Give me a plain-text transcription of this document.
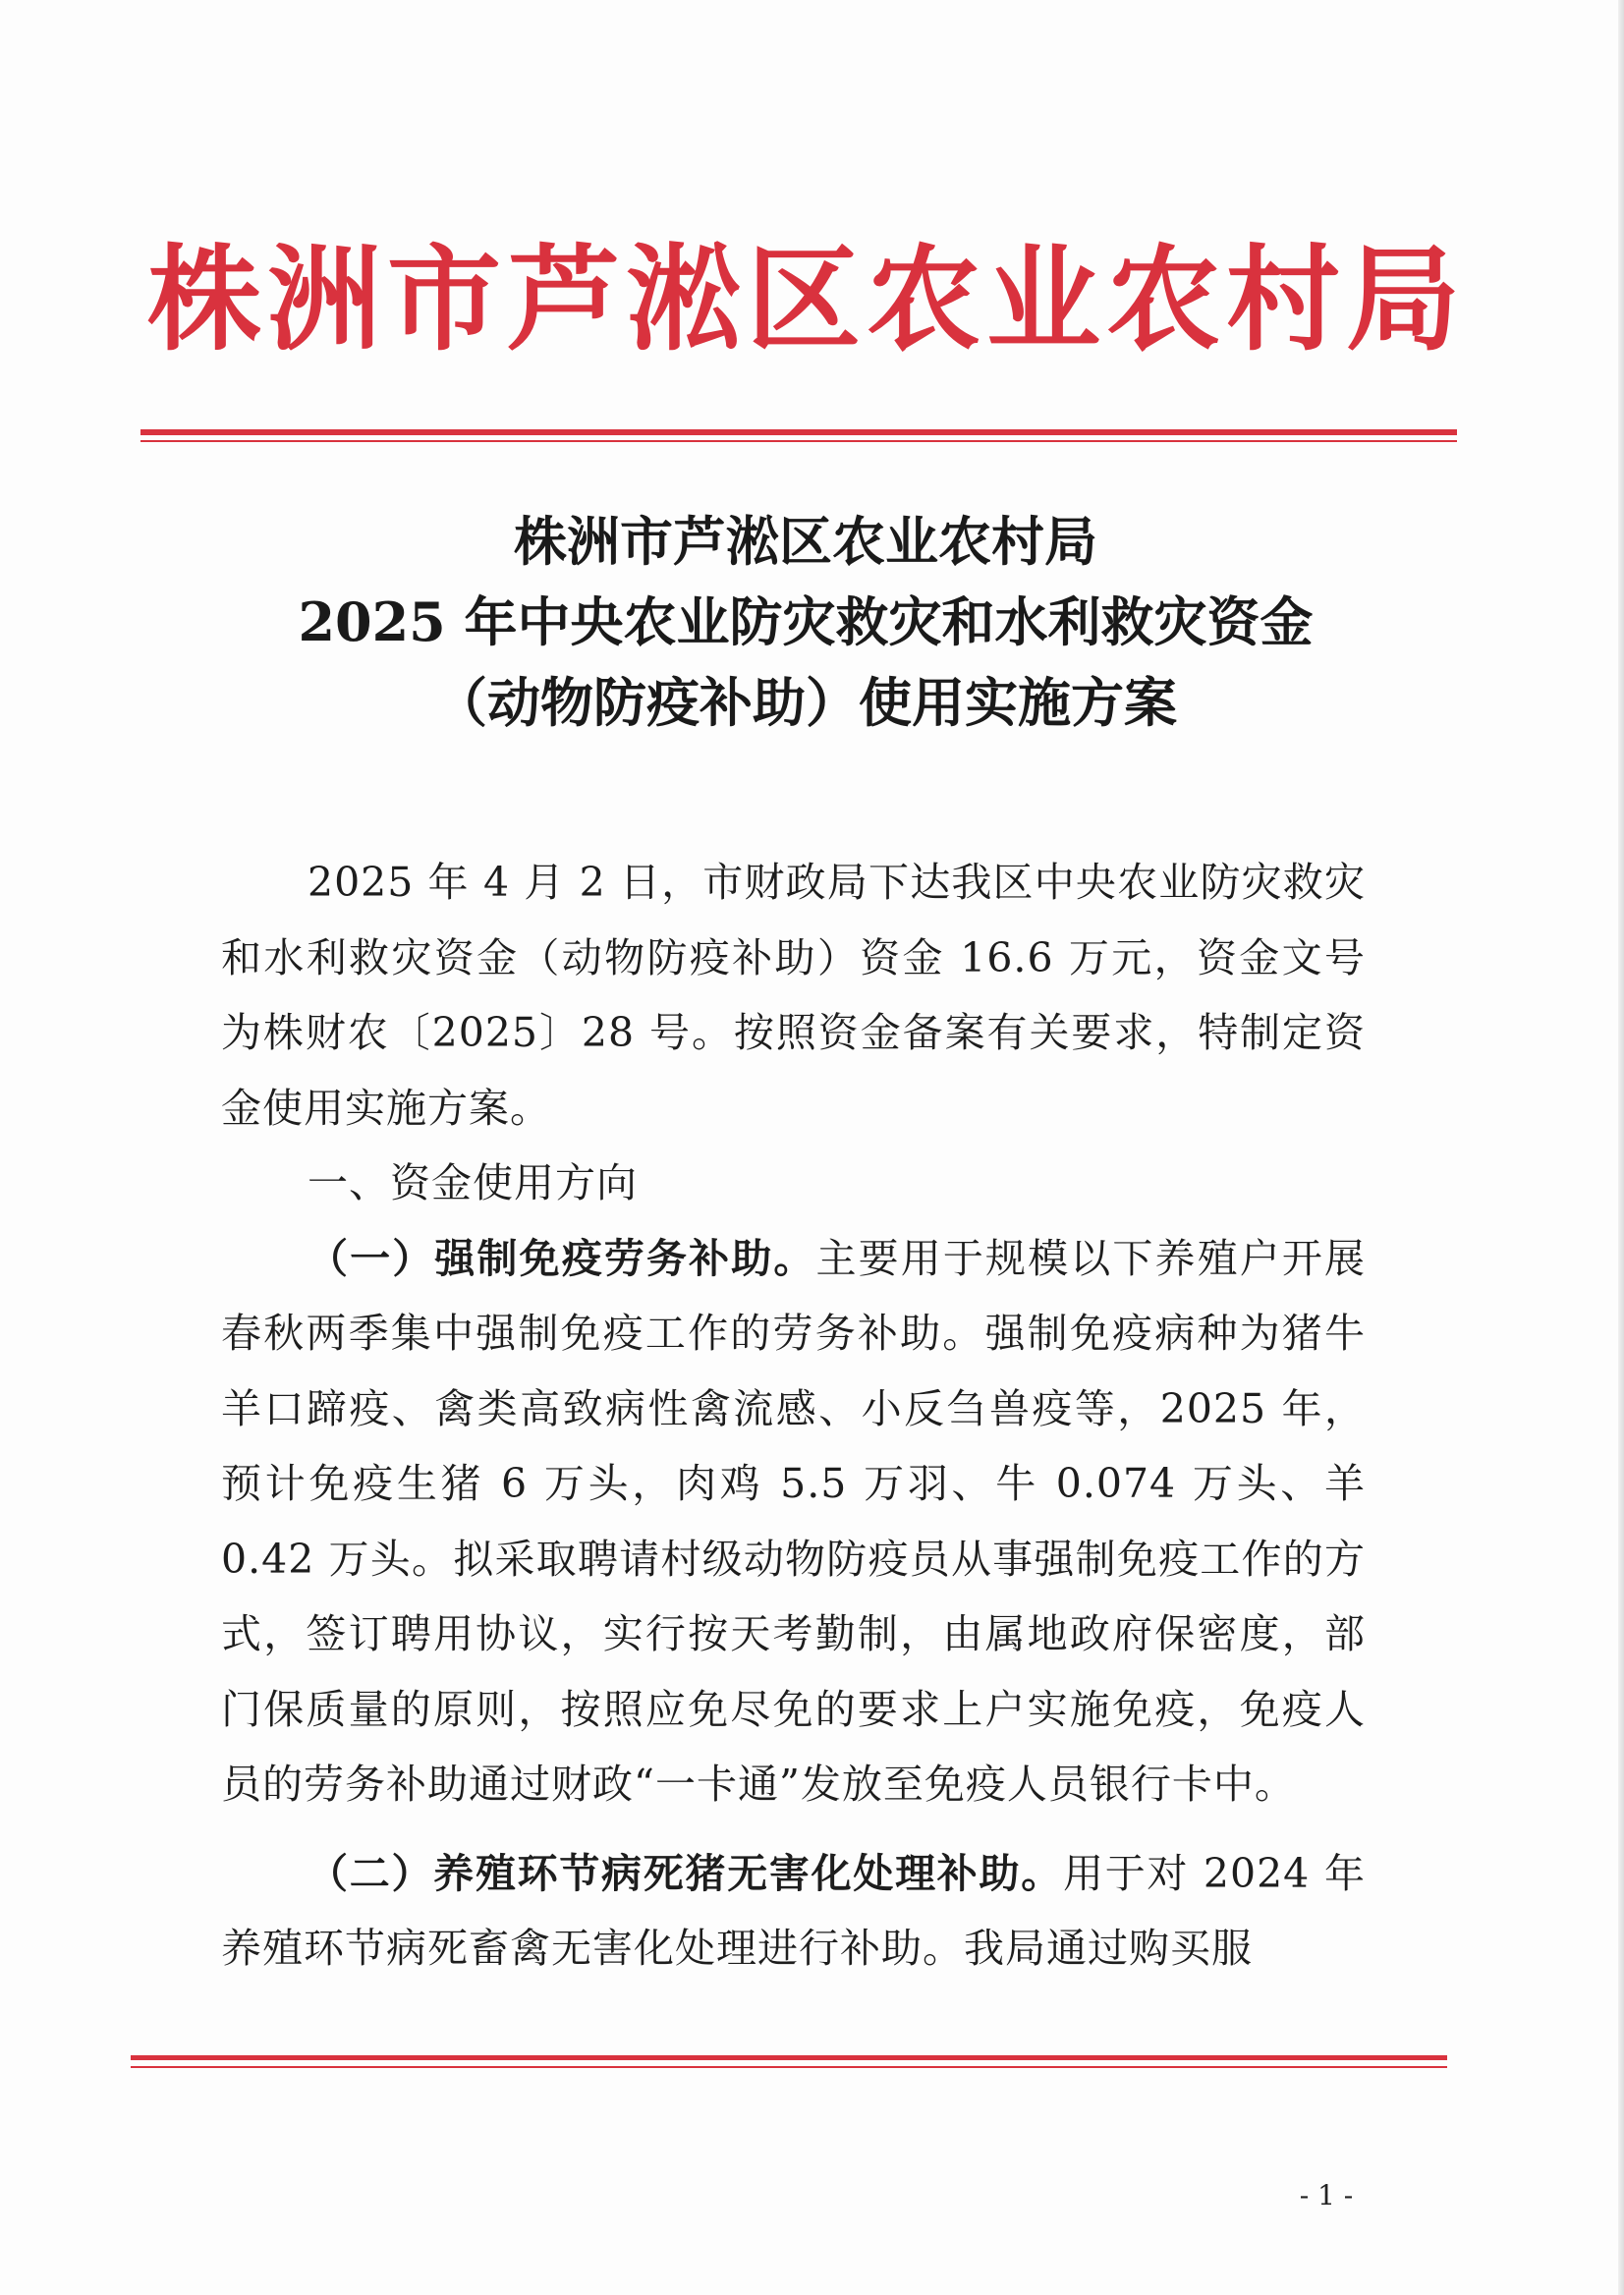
株洲市芦淞区农业农村局
株洲市芦淞区农业农村局
2025 年中央农业防灾救灾和水利救灾资金
（动物防疫补助）使用实施方案

2025 年 4 月 2 日，市财政局下达我区中央农业防灾救灾和水利救灾资金（动物防疫补助）资金 16.6 万元，资金文号为株财农〔2025〕28 号。按照资金备案有关要求，特制定资金使用实施方案。

一、资金使用方向

（一）强制免疫劳务补助。主要用于规模以下养殖户开展春秋两季集中强制免疫工作的劳务补助。强制免疫病种为猪牛羊口蹄疫、禽类高致病性禽流感、小反刍兽疫等，2025 年，预计免疫生猪 6 万头，肉鸡 5.5 万羽、牛 0.074 万头、羊 0.42 万头。拟采取聘请村级动物防疫员从事强制免疫工作的方式，签订聘用协议，实行按天考勤制，由属地政府保密度，部门保质量的原则，按照应免尽免的要求上户实施免疫，免疫人员的劳务补助通过财政“一卡通”发放至免疫人员银行卡中。

（二）养殖环节病死猪无害化处理补助。用于对 2024 年养殖环节病死畜禽无害化处理进行补助。我局通过购买服

- 1 -
